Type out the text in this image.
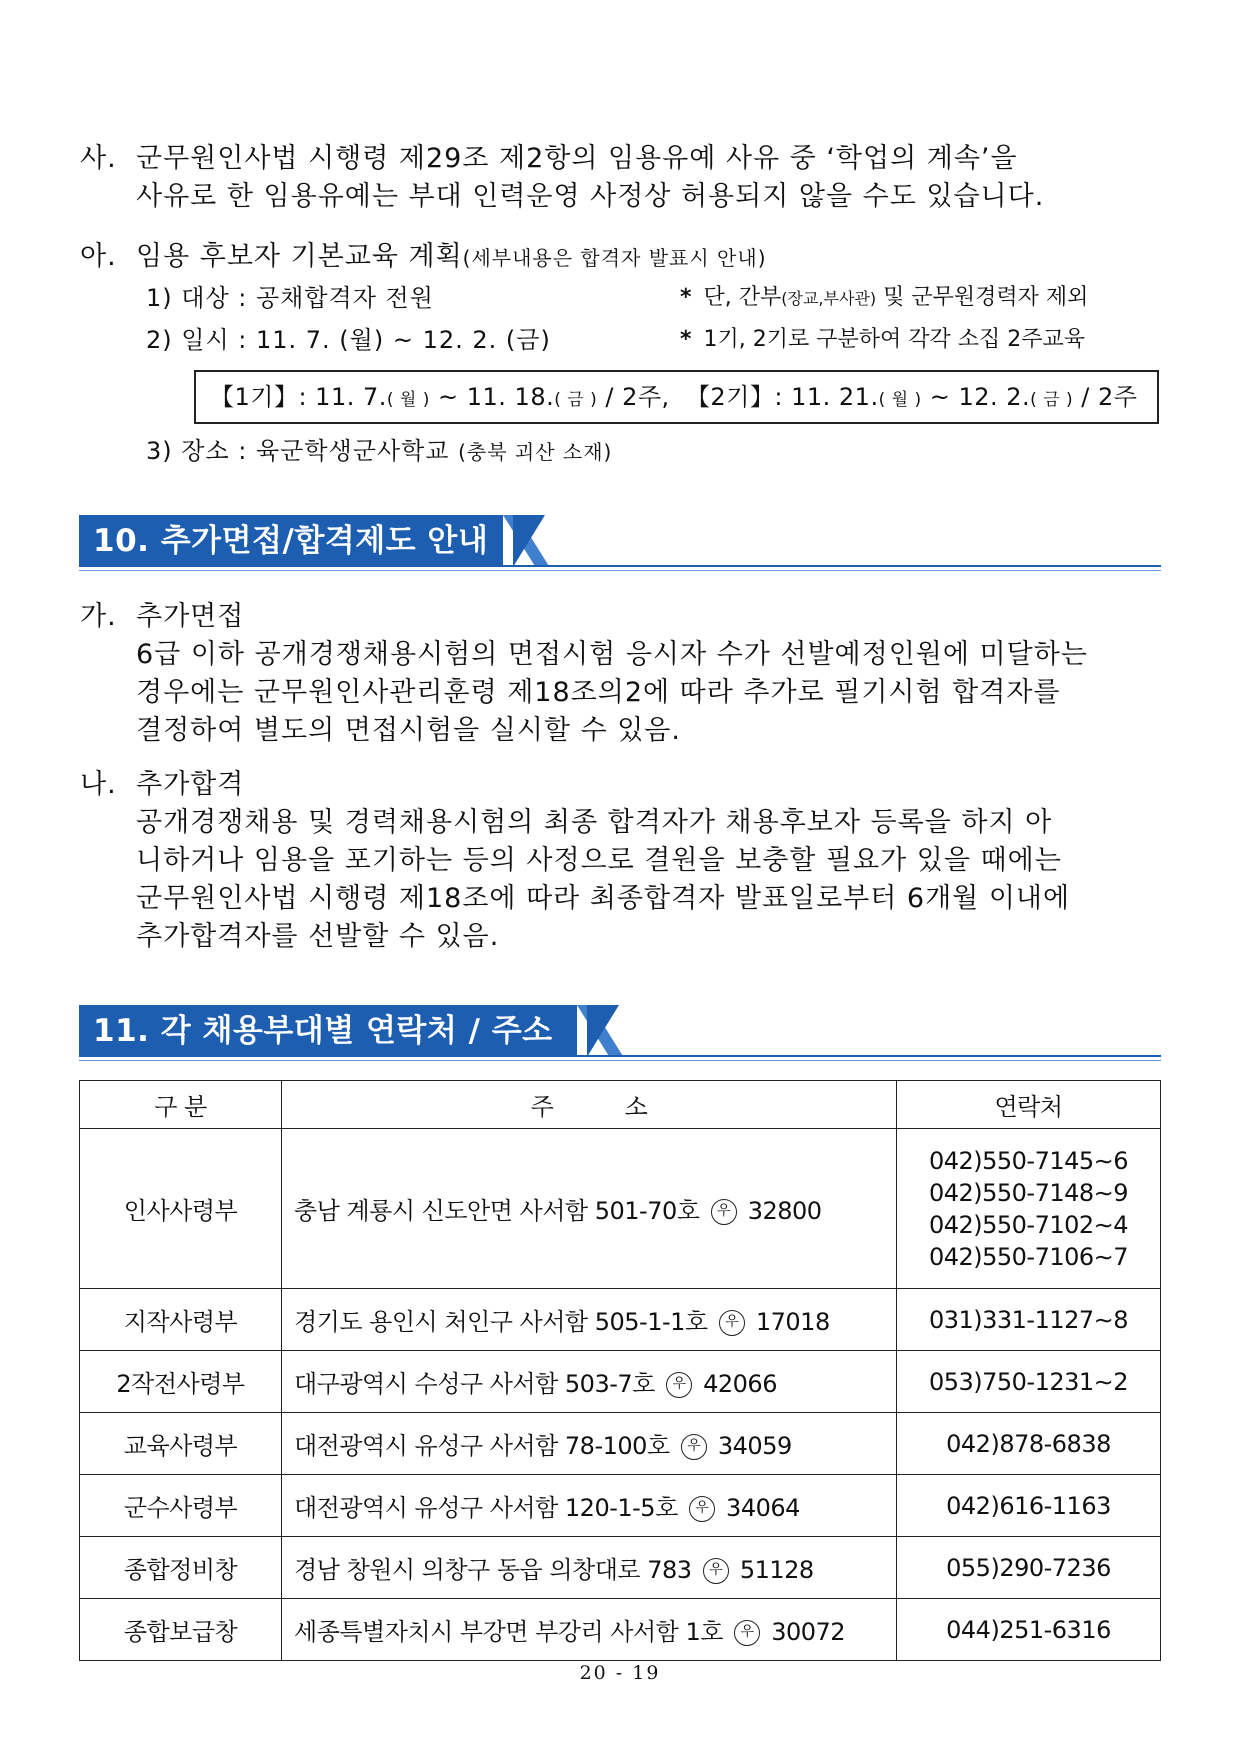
사. 군무원인사법 시행령 제29조 제2항의 임용유예 사유 중 ‘학업의 계속’을
사유로 한 임용유예는 부대 인력운영 사정상 허용되지 않을 수도 있습니다.
아. 임용 후보자 기본교육 계획(세부내용은 합격자 발표시 안내)
1) 대상 : 공채합격자 전원	* 단, 간부(장교,부사관) 및 군무원경력자 제외
2) 일시 : 11. 7. (월) ~ 12. 2. (금)	* 1기, 2기로 구분하여 각각 소집 2주교육
【1기】: 11. 7.( 월 ) ~ 11. 18.( 금 ) / 2주, 【2기】: 11. 21.( 월 ) ~ 12. 2.( 금 ) / 2주
3) 장소 : 육군학생군사학교 (충북 괴산 소재)
10. 추가면접/합격제도 안내
가. 추가면접
6급 이하 공개경쟁채용시험의 면접시험 응시자 수가 선발예정인원에 미달하는
경우에는 군무원인사관리훈령 제18조의2에 따라 추가로 필기시험 합격자를
결정하여 별도의 면접시험을 실시할 수 있음.
나. 추가합격
공개경쟁채용 및 경력채용시험의 최종 합격자가 채용후보자 등록을 하지 아
니하거나 임용을 포기하는 등의 사정으로 결원을 보충할 필요가 있을 때에는
군무원인사법 시행령 제18조에 따라 최종합격자 발표일로부터 6개월 이내에
추가합격자를 선발할 수 있음.
11. 각 채용부대별 연락처 / 주소
구 분	주          소	연락처
인사사령부	충남 계룡시 신도안면 사서함 501-70호 우 32800	042)550-7145∼6
042)550-7148∼9
042)550-7102∼4
042)550-7106∼7

지작사령부	경기도 용인시 처인구 사서함 505-1-1호 우 17018	031)331-1127∼8
2작전사령부	대구광역시 수성구 사서함 503-7호 우 42066	053)750-1231∼2
교육사령부	대전광역시 유성구 사서함 78-100호 우 34059	042)878-6838
군수사령부	대전광역시 유성구 사서함 120-1-5호 우 34064	042)616-1163
종합정비창	경남 창원시 의창구 동읍 의창대로 783 우 51128	055)290-7236
종합보급창	세종특별자치시 부강면 부강리 사서함 1호 우 30072	044)251-6316
20 - 19
